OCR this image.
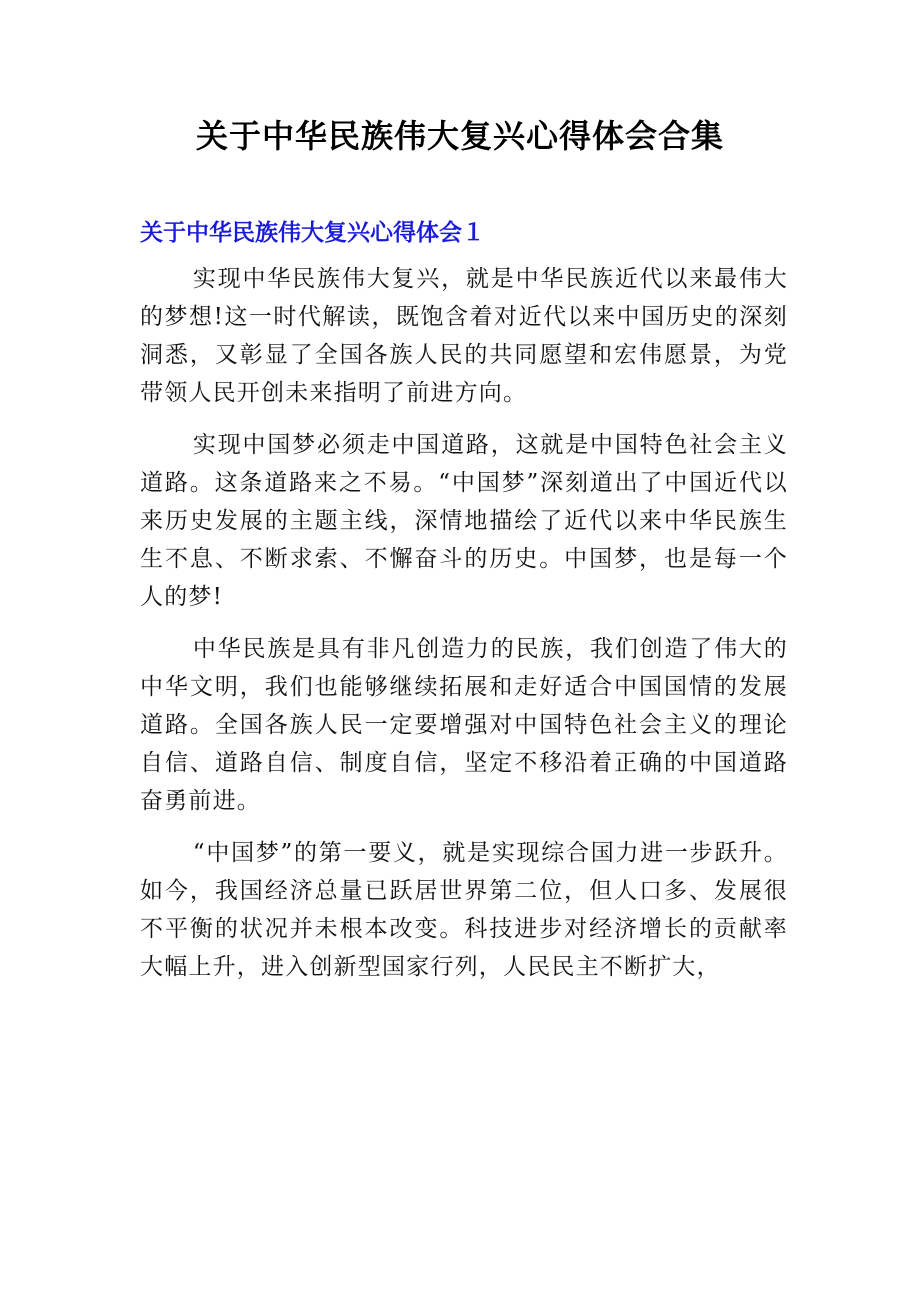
关于中华民族伟大复兴心得体会合集
关于中华民族伟大复兴心得体会１

实现中华民族伟大复兴，就是中华民族近代以来最伟大的梦想!这一时代解读，既饱含着对近代以来中国历史的深刻洞悉，又彰显了全国各族人民的共同愿望和宏伟愿景，为党带领人民开创未来指明了前进方向。

实现中国梦必须走中国道路，这就是中国特色社会主义道路。这条道路来之不易。“中国梦”深刻道出了中国近代以来历史发展的主题主线，深情地描绘了近代以来中华民族生生不息、不断求索、不懈奋斗的历史。中国梦，也是每一个人的梦!

中华民族是具有非凡创造力的民族，我们创造了伟大的中华文明，我们也能够继续拓展和走好适合中国国情的发展道路。全国各族人民一定要增强对中国特色社会主义的理论自信、道路自信、制度自信，坚定不移沿着正确的中国道路奋勇前进。

“中国梦”的第一要义，就是实现综合国力进一步跃升。如今，我国经济总量已跃居世界第二位，但人口多、发展很不平衡的状况并未根本改变。科技进步对经济增长的贡献率大幅上升，进入创新型国家行列，人民民主不断扩大，
